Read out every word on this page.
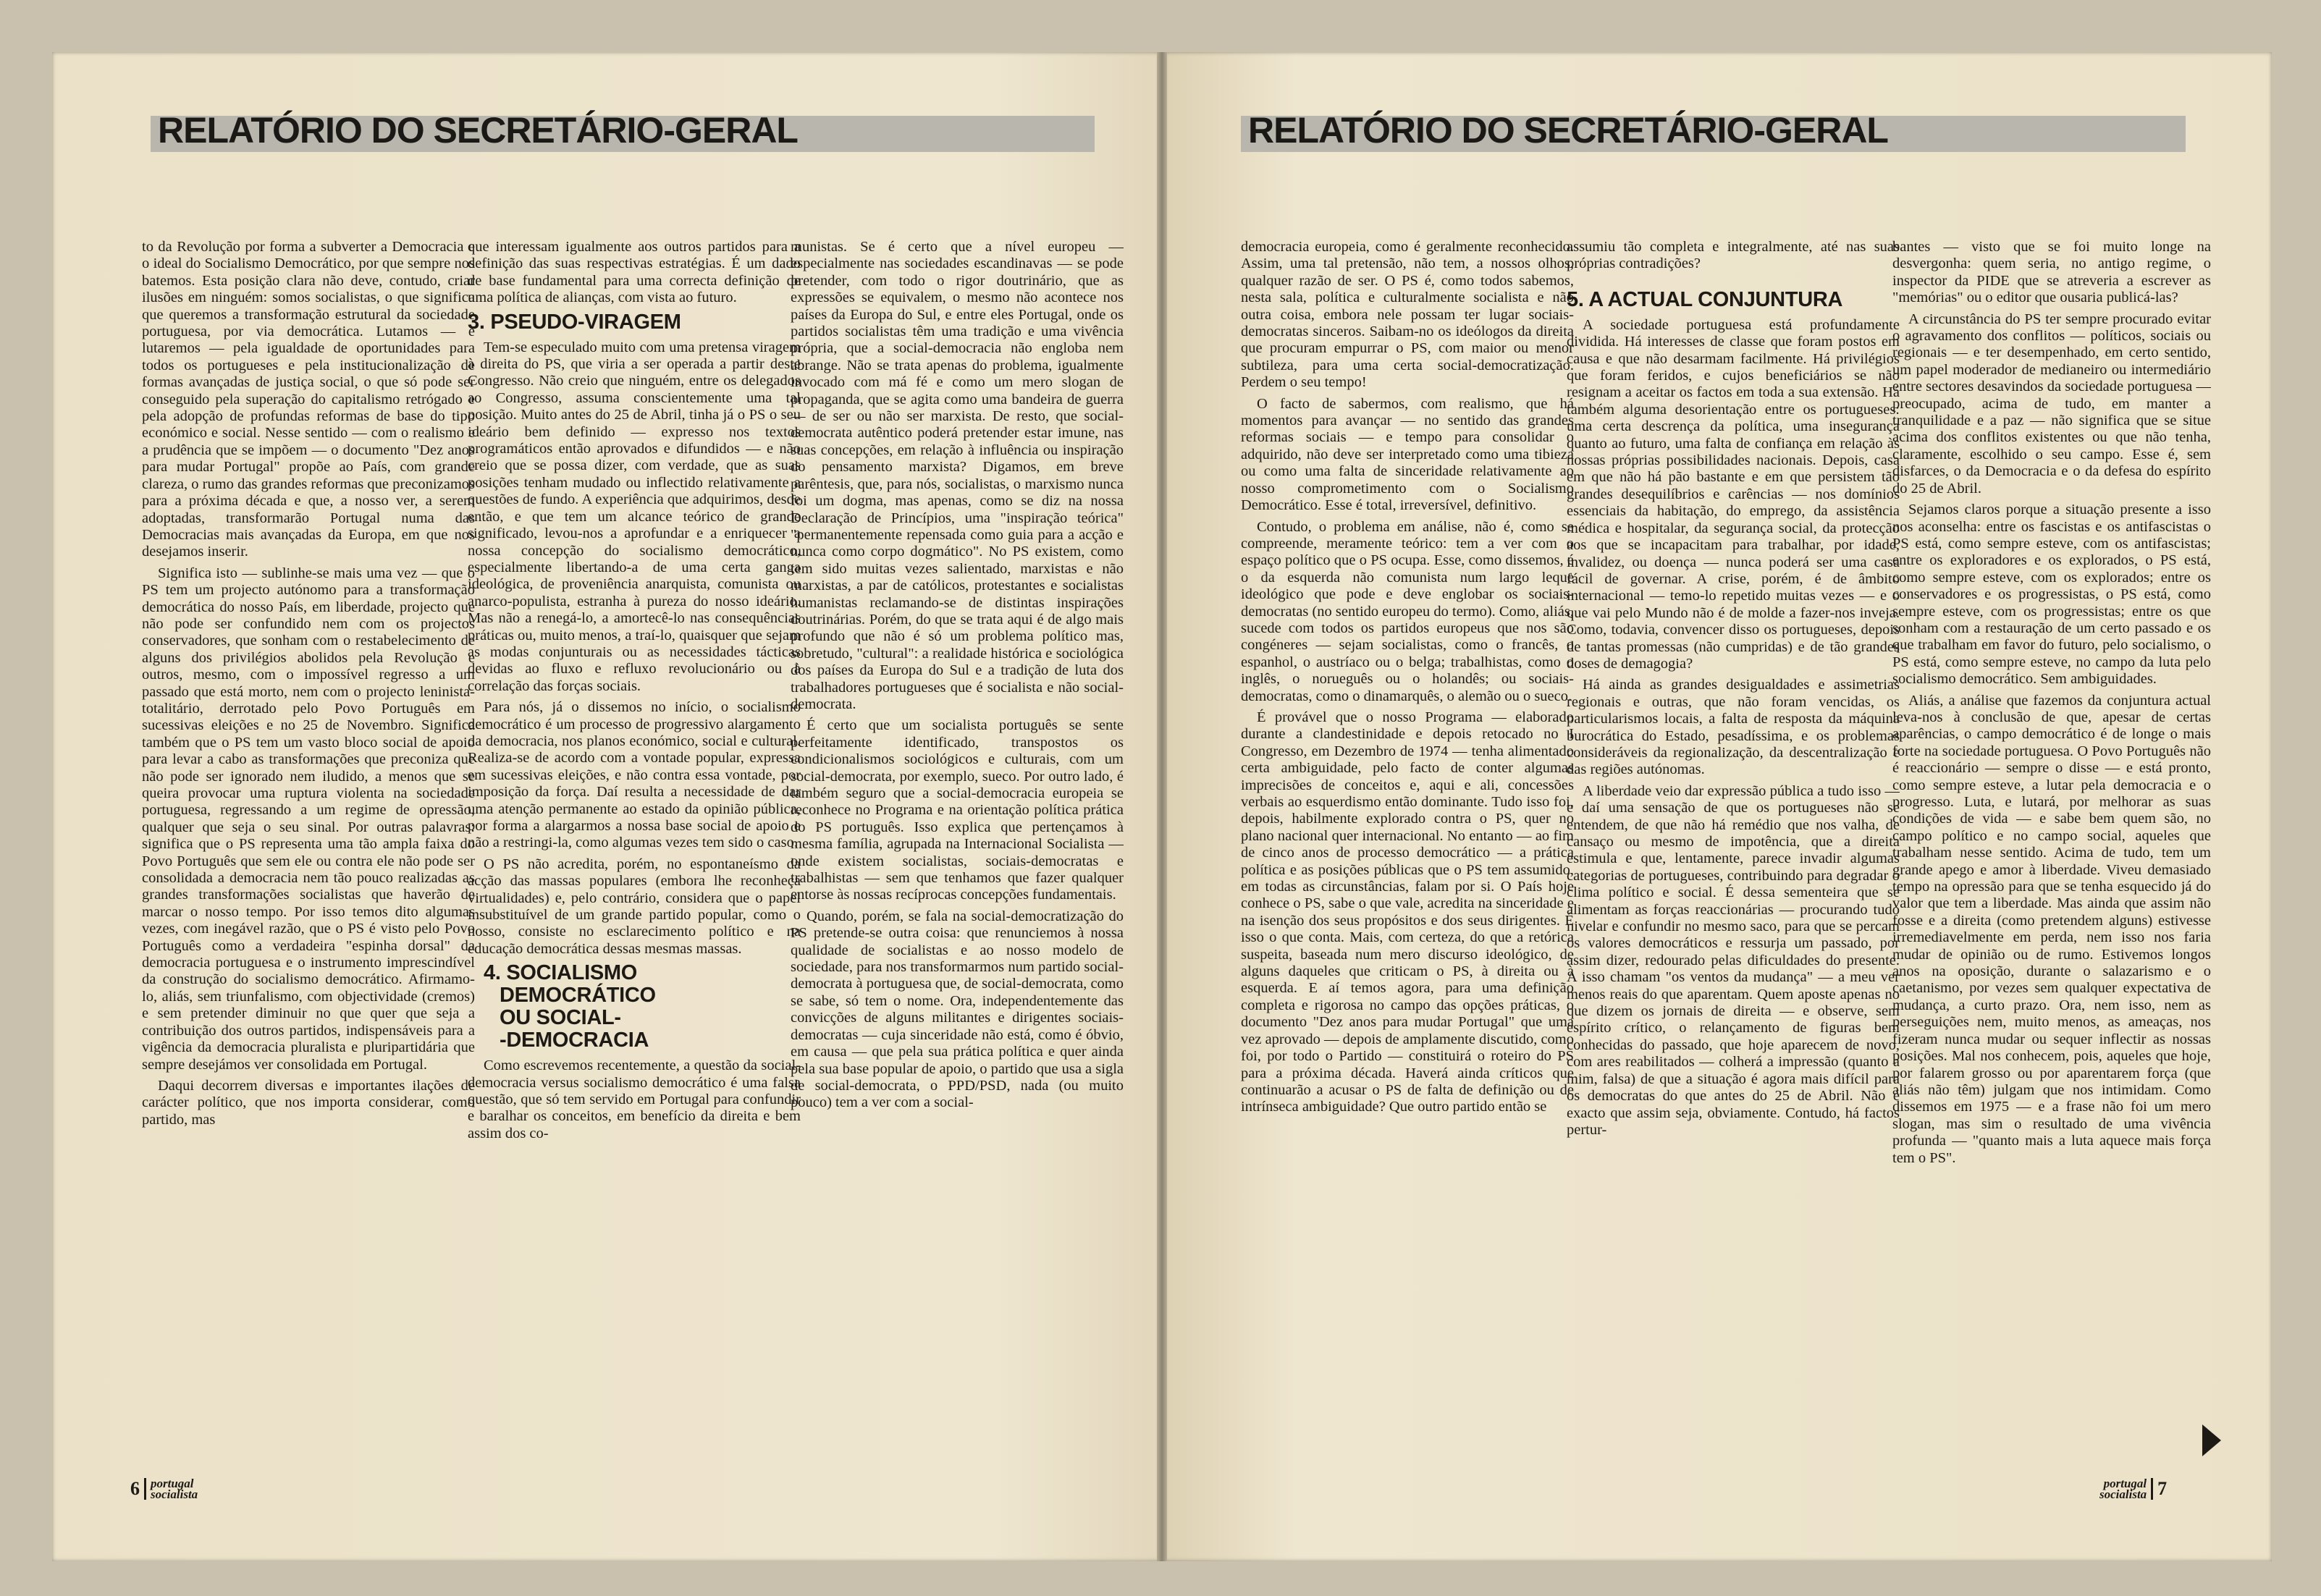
RELATÓRIO DO SECRETÁRIO-GERAL	RELATÓRIO DO SECRETÁRIO-GERAL

to da Revolução por forma a subverter a Democracia e o ideal do Socialismo Democrático, por que sempre nos batemos. Esta posição clara não deve, contudo, criar ilusões em ninguém: somos socialistas, o que significa que queremos a transformação estrutural da sociedade portuguesa, por via democrática. Lutamos — e lutaremos — pela igualdade de oportunidades para todos os portugueses e pela institucionalização de formas avançadas de justiça social, o que só pode ser conseguido pela superação do capitalismo retrógado e pela adopção de profundas reformas de base do tipo económico e social. Nesse sentido — com o realismo e a prudência que se impõem — o documento "Dez anos para mudar Portugal" propõe ao País, com grande clareza, o rumo das grandes reformas que preconizamos para a próxima década e que, a nosso ver, a serem adoptadas, transformarão Portugal numa das Democracias mais avançadas da Europa, em que nos desejamos inserir.

Significa isto — sublinhe-se mais uma vez — que o PS tem um projecto autónomo para a transformação democrática do nosso País, em liberdade, projecto que não pode ser confundido nem com os projectos conservadores, que sonham com o restabelecimento de alguns dos privilégios abolidos pela Revolução e outros, mesmo, com o impossível regresso a um passado que está morto, nem com o projecto leninista-totalitário, derrotado pelo Povo Português em sucessivas eleições e no 25 de Novembro. Significa também que o PS tem um vasto bloco social de apoio para levar a cabo as transformações que preconiza que não pode ser ignorado nem iludido, a menos que se queira provocar uma ruptura violenta na sociedade portuguesa, regressando a um regime de opressão, qualquer que seja o seu sinal. Por outras palavras: significa que o PS representa uma tão ampla faixa do Povo Português que sem ele ou contra ele não pode ser consolidada a democracia nem tão pouco realizadas as grandes transformações socialistas que haverão de marcar o nosso tempo. Por isso temos dito algumas vezes, com inegável razão, que o PS é visto pelo Povo Português como a verdadeira "espinha dorsal" da democracia portuguesa e o instrumento imprescindível da construção do socialismo democrático. Afirmamo-lo, aliás, sem triunfalismo, com objectividade (cremos) e sem pretender diminuir no que quer que seja a contribuição dos outros partidos, indispensáveis para a vigência da democracia pluralista e pluripartidária que sempre desejámos ver consolidada em Portugal.

Daqui decorrem diversas e importantes ilações de carácter político, que nos importa considerar, como partido, mas

que interessam igualmente aos outros partidos para a definição das suas respectivas estratégias. É um dado de base fundamental para uma correcta definição de uma política de alianças, com vista ao futuro.

3. PSEUDO-VIRAGEM

Tem-se especulado muito com uma pretensa viragem à direita do PS, que viria a ser operada a partir deste Congresso. Não creio que ninguém, entre os delegados ao Congresso, assuma conscientemente uma tal posição. Muito antes do 25 de Abril, tinha já o PS o seu ideário bem definido — expresso nos textos programáticos então aprovados e difundidos — e não creio que se possa dizer, com verdade, que as suas posições tenham mudado ou inflectido relativamente a questões de fundo. A experiência que adquirimos, desde então, e que tem um alcance teórico de grande significado, levou-nos a aprofundar e a enriquecer a nossa concepção do socialismo democrático, especialmente libertando-a de uma certa ganga ideológica, de proveniência anarquista, comunista ou anarco-populista, estranha à pureza do nosso ideário. Mas não a renegá-lo, a amortecê-lo nas consequências práticas ou, muito menos, a traí-lo, quaisquer que sejam as modas conjunturais ou as necessidades tácticas devidas ao fluxo e refluxo revolucionário ou à correlação das forças sociais.

Para nós, já o dissemos no início, o socialismo democrático é um processo de progressivo alargamento da democracia, nos planos económico, social e cultural. Realiza-se de acordo com a vontade popular, expressa em sucessivas eleições, e não contra essa vontade, por imposição da força. Daí resulta a necessidade de dar uma atenção permanente ao estado da opinião pública, por forma a alargarmos a nossa base social de apoio e não a restringi-la, como algumas vezes tem sido o caso.

O PS não acredita, porém, no espontaneísmo da acção das massas populares (embora lhe reconheça virtualidades) e, pelo contrário, considera que o papel insubstituível de um grande partido popular, como o nosso, consiste no esclarecimento político e na educação democrática dessas mesmas massas.

4. SOCIALISMO
DEMOCRÁTICO
OU SOCIAL-
-DEMOCRACIA

Como escrevemos recentemente, a questão da social-democracia versus socialismo democrático é uma falsa questão, que só tem servido em Portugal para confundir e baralhar os conceitos, em benefício da direita e bem assim dos co-

munistas. Se é certo que a nível europeu — especialmente nas sociedades escandinavas — se pode pretender, com todo o rigor doutrinário, que as expressões se equivalem, o mesmo não acontece nos países da Europa do Sul, e entre eles Portugal, onde os partidos socialistas têm uma tradição e uma vivência própria, que a social-democracia não engloba nem abrange. Não se trata apenas do problema, igualmente invocado com má fé e como um mero slogan de propaganda, que se agita como uma bandeira de guerra — de ser ou não ser marxista. De resto, que social-democrata autêntico poderá pretender estar imune, nas suas concepções, em relação à influência ou inspiração do pensamento marxista? Digamos, em breve parêntesis, que, para nós, socialistas, o marxismo nunca foi um dogma, mas apenas, como se diz na nossa Declaração de Princípios, uma "inspiração teórica" "permanentemente repensada como guia para a acção e nunca como corpo dogmático". No PS existem, como tem sido muitas vezes salientado, marxistas e não marxistas, a par de católicos, protestantes e socialistas humanistas reclamando-se de distintas inspirações doutrinárias. Porém, do que se trata aqui é de algo mais profundo que não é só um problema político mas, sobretudo, "cultural": a realidade histórica e sociológica dos países da Europa do Sul e a tradição de luta dos trabalhadores portugueses que é socialista e não social-democrata.

É certo que um socialista português se sente perfeitamente identificado, transpostos os condicionalismos sociológicos e culturais, com um social-democrata, por exemplo, sueco. Por outro lado, é também seguro que a social-democracia europeia se reconhece no Programa e na orientação política prática do PS português. Isso explica que pertençamos à mesma família, agrupada na Internacional Socialista — onde existem socialistas, sociais-democratas e trabalhistas — sem que tenhamos que fazer qualquer entorse às nossas recíprocas concepções fundamentais.

Quando, porém, se fala na social-democratização do PS pretende-se outra coisa: que renunciemos à nossa qualidade de socialistas e ao nosso modelo de sociedade, para nos transformarmos num partido social-democrata à portuguesa que, de social-democrata, como se sabe, só tem o nome. Ora, independentemente das convicções de alguns militantes e dirigentes sociais-democratas — cuja sinceridade não está, como é óbvio, em causa — que pela sua prática política e quer ainda pela sua base popular de apoio, o partido que usa a sigla de social-democrata, o PPD/PSD, nada (ou muito pouco) tem a ver com a social-

democracia europeia, como é geralmente reconhecido. Assim, uma tal pretensão, não tem, a nossos olhos, qualquer razão de ser. O PS é, como todos sabemos, nesta sala, política e culturalmente socialista e não outra coisa, embora nele possam ter lugar sociais-democratas sinceros. Saibam-no os ideólogos da direita que procuram empurrar o PS, com maior ou menor subtileza, para uma certa social-democratização. Perdem o seu tempo!

O facto de sabermos, com realismo, que há momentos para avançar — no sentido das grandes reformas sociais — e tempo para consolidar o adquirido, não deve ser interpretado como uma tibieza ou como uma falta de sinceridade relativamente ao nosso comprometimento com o Socialismo Democrático. Esse é total, irreversível, definitivo.

Contudo, o problema em análise, não é, como se compreende, meramente teórico: tem a ver com o espaço político que o PS ocupa. Esse, como dissemos, é o da esquerda não comunista num largo leque ideológico que pode e deve englobar os sociais-democratas (no sentido europeu do termo). Como, aliás, sucede com todos os partidos europeus que nos são congéneres — sejam socialistas, como o francês, o espanhol, o austríaco ou o belga; trabalhistas, como o inglês, o norueguês ou o holandês; ou sociais-democratas, como o dinamarquês, o alemão ou o sueco.

É provável que o nosso Programa — elaborado durante a clandestinidade e depois retocado no I Congresso, em Dezembro de 1974 — tenha alimentado certa ambiguidade, pelo facto de conter algumas imprecisões de conceitos e, aqui e ali, concessões verbais ao esquerdismo então dominante. Tudo isso foi, depois, habilmente explorado contra o PS, quer no plano nacional quer internacional. No entanto — ao fim de cinco anos de processo democrático — a prática política e as posições públicas que o PS tem assumido, em todas as circunstâncias, falam por si. O País hoje conhece o PS, sabe o que vale, acredita na sinceridade e na isenção dos seus propósitos e dos seus dirigentes. É isso o que conta. Mais, com certeza, do que a retórica suspeita, baseada num mero discurso ideológico, de alguns daqueles que criticam o PS, à direita ou à esquerda. E aí temos agora, para uma definição completa e rigorosa no campo das opções práticas, o documento "Dez anos para mudar Portugal" que uma vez aprovado — depois de amplamente discutido, como foi, por todo o Partido — constituirá o roteiro do PS para a próxima década. Haverá ainda críticos que continuarão a acusar o PS de falta de definição ou de intrínseca ambiguidade? Que outro partido então se

assumiu tão completa e integralmente, até nas suas próprias contradições?

5. A ACTUAL CONJUNTURA

A sociedade portuguesa está profundamente dividida. Há interesses de classe que foram postos em causa e que não desarmam facilmente. Há privilégios que foram feridos, e cujos beneficiários se não resignam a aceitar os factos em toda a sua extensão. Há também alguma desorientação entre os portugueses: uma certa descrença da política, uma insegurança quanto ao futuro, uma falta de confiança em relação às nossas próprias possibilidades nacionais. Depois, casa em que não há pão bastante e em que persistem tão grandes desequilíbrios e carências — nos domínios essenciais da habitação, do emprego, da assistência médica e hospitalar, da segurança social, da protecção aos que se incapacitam para trabalhar, por idade, invalidez, ou doença — nunca poderá ser uma casa fácil de governar. A crise, porém, é de âmbito internacional — temo-lo repetido muitas vezes — e o que vai pelo Mundo não é de molde a fazer-nos inveja. Como, todavia, convencer disso os portugueses, depois de tantas promessas (não cumpridas) e de tão grandes doses de demagogia?

Há ainda as grandes desigualdades e assimetrias regionais e outras, que não foram vencidas, os particularismos locais, a falta de resposta da máquina burocrática do Estado, pesadíssima, e os problemas consideráveis da regionalização, da descentralização e das regiões autónomas.

A liberdade veio dar expressão pública a tudo isso — e daí uma sensação de que os portugueses não se entendem, de que não há remédio que nos valha, de cansaço ou mesmo de impotência, que a direita estimula e que, lentamente, parece invadir algumas categorias de portugueses, contribuindo para degradar o clima político e social. É dessa sementeira que se alimentam as forças reaccionárias — procurando tudo nivelar e confundir no mesmo saco, para que se percam os valores democráticos e ressurja um passado, por assim dizer, redourado pelas dificuldades do presente. A isso chamam "os ventos da mudança" — a meu ver menos reais do que aparentam. Quem aposte apenas no que dizem os jornais de direita — e observe, sem espírito crítico, o relançamento de figuras bem conhecidas do passado, que hoje aparecem de novo, com ares reabilitados — colherá a impressão (quanto a mim, falsa) de que a situação é agora mais difícil para os democratas do que antes do 25 de Abril. Não é exacto que assim seja, obviamente. Contudo, há factos pertur-

bantes — visto que se foi muito longe na desvergonha: quem seria, no antigo regime, o inspector da PIDE que se atreveria a escrever as "memórias" ou o editor que ousaria publicá-las?

A circunstância do PS ter sempre procurado evitar o agravamento dos conflitos — políticos, sociais ou regionais — e ter desempenhado, em certo sentido, um papel moderador de medianeiro ou intermediário entre sectores desavindos da sociedade portuguesa — preocupado, acima de tudo, em manter a tranquilidade e a paz — não significa que se situe acima dos conflitos existentes ou que não tenha, claramente, escolhido o seu campo. Esse é, sem disfarces, o da Democracia e o da defesa do espírito do 25 de Abril.

Sejamos claros porque a situação presente a isso nos aconselha: entre os fascistas e os antifascistas o PS está, como sempre esteve, com os antifascistas; entre os exploradores e os explorados, o PS está, como sempre esteve, com os explorados; entre os conservadores e os progressistas, o PS está, como sempre esteve, com os progressistas; entre os que sonham com a restauração de um certo passado e os que trabalham em favor do futuro, pelo socialismo, o PS está, como sempre esteve, no campo da luta pelo socialismo democrático. Sem ambiguidades.

Aliás, a análise que fazemos da conjuntura actual leva-nos à conclusão de que, apesar de certas aparências, o campo democrático é de longe o mais forte na sociedade portuguesa. O Povo Português não é reaccionário — sempre o disse — e está pronto, como sempre esteve, a lutar pela democracia e o progresso. Luta, e lutará, por melhorar as suas condições de vida — e sabe bem quem são, no campo político e no campo social, aqueles que trabalham nesse sentido. Acima de tudo, tem um grande apego e amor à liberdade. Viveu demasiado tempo na opressão para que se tenha esquecido já do valor que tem a liberdade. Mas ainda que assim não fosse e a direita (como pretendem alguns) estivesse irremediavelmente em perda, nem isso nos faria mudar de opinião ou de rumo. Estivemos longos anos na oposição, durante o salazarismo e o caetanismo, por vezes sem qualquer expectativa de mudança, a curto prazo. Ora, nem isso, nem as perseguições nem, muito menos, as ameaças, nos fizeram nunca mudar ou sequer inflectir as nossas posições. Mal nos conhecem, pois, aqueles que hoje, por falarem grosso ou por aparentarem força (que aliás não têm) julgam que nos intimidam. Como dissemos em 1975 — e a frase não foi um mero slogan, mas sim o resultado de uma vivência profunda — "quanto mais a luta aquece mais força tem o PS".

6 portugal
socialista
portugal
socialista 7
